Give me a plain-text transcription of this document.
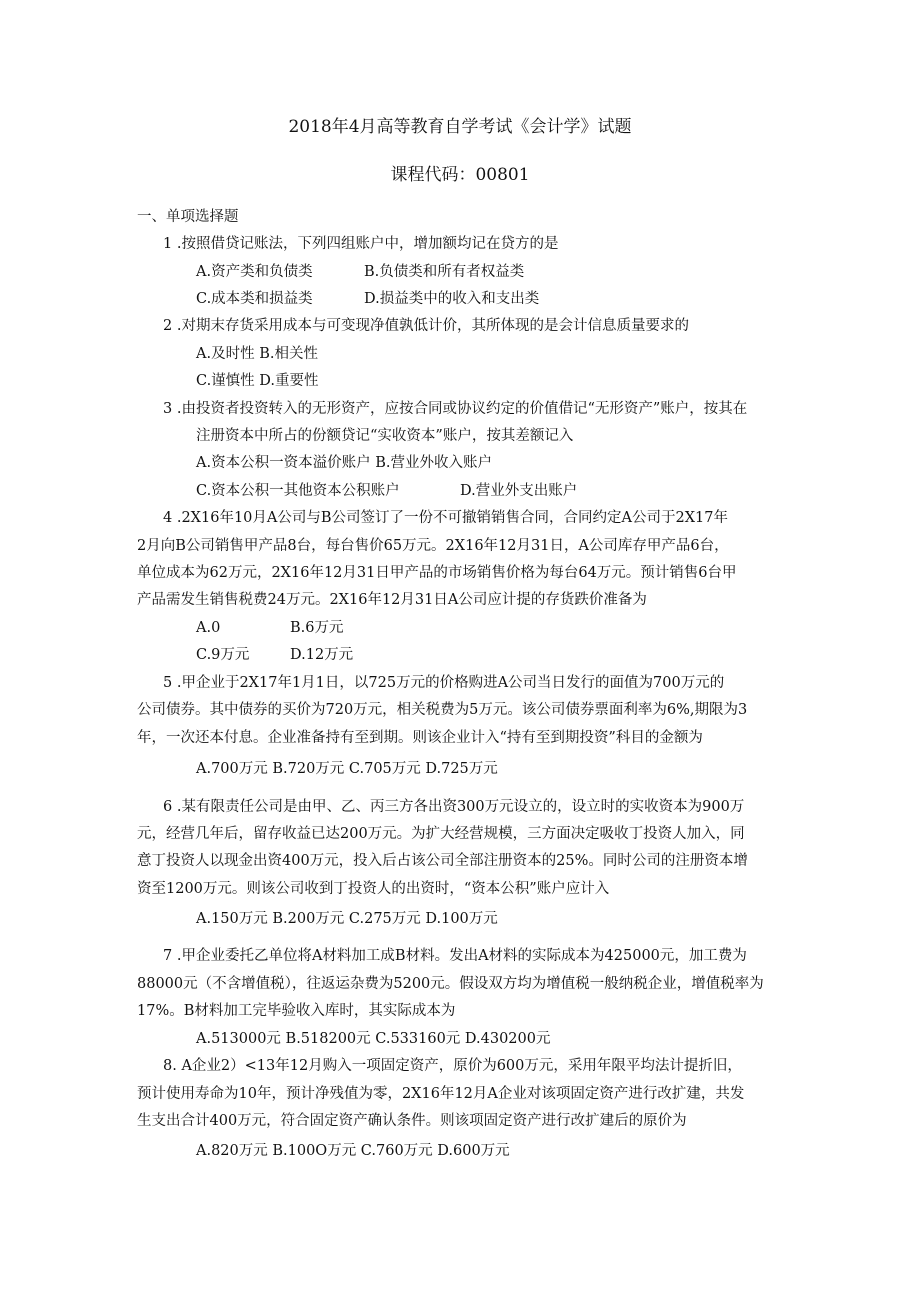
2018年4月高等教育自学考试《会计学》试题
课程代码：00801
一、单项选择题
1 .按照借贷记账法，下列四组账户中，增加额均记在贷方的是
A.资产类和负债类	B.负债类和所有者权益类
C.成本类和损益类	D.损益类中的收入和支出类
2 .对期末存货采用成本与可变现净值孰低计价，其所体现的是会计信息质量要求的
A.及时性 B.相关性
C.谨慎性 D.重要性
3 .由投资者投资转入的无形资产，应按合同或协议约定的价值借记“无形资产”账户，按其在
注册资本中所占的份额贷记“实收资本”账户，按其差额记入
A.资本公积一资本溢价账户 B.营业外收入账户
C.资本公积一其他资本公积账户	D.营业外支出账户
4 .2X16年10月A公司与B公司签订了一份不可撤销销售合同，合同约定A公司于2X17年
2月向B公司销售甲产品8台，每台售价65万元。2X16年12月31日，A公司库存甲产品6台，
单位成本为62万元，2X16年12月31日甲产品的市场销售价格为每台64万元。预计销售6台甲
产品需发生销售税费24万元。2X16年12月31日A公司应计提的存货跌价准备为
A.0	B.6万元
C.9万元	D.12万元
5 .甲企业于2X17年1月1日，以725万元的价格购进A公司当日发行的面值为700万元的
公司债券。其中债券的买价为720万元，相关税费为5万元。该公司债券票面利率为6%,期限为3
年，一次还本付息。企业准备持有至到期。则该企业计入“持有至到期投资”科目的金额为
A.700万元 B.720万元 C.705万元 D.725万元
6 .某有限责任公司是由甲、乙、丙三方各出资300万元设立的，设立时的实收资本为900万
元，经营几年后，留存收益已达200万元。为扩大经营规模，三方面决定吸收丁投资人加入，同
意丁投资人以现金出资400万元，投入后占该公司全部注册资本的25%。同时公司的注册资本增
资至1200万元。则该公司收到丁投资人的出资时，“资本公积”账户应计入
A.150万元 B.200万元 C.275万元 D.100万元
7 .甲企业委托乙单位将A材料加工成B材料。发出A材料的实际成本为425000元，加工费为
88000元（不含增值税），往返运杂费为5200元。假设双方均为增值税一般纳税企业，增值税率为
17%。B材料加工完毕验收入库时，其实际成本为
A.513000元 B.518200元 C.533160元 D.430200元
8. A企业2）<13年12月购入一项固定资产，原价为600万元，采用年限平均法计提折旧，
预计使用寿命为10年，预计净残值为零，2X16年12月A企业对该项固定资产进行改扩建，共发
生支出合计400万元，符合固定资产确认条件。则该项固定资产进行改扩建后的原价为
A.820万元 B.100O万元 C.760万元 D.600万元
